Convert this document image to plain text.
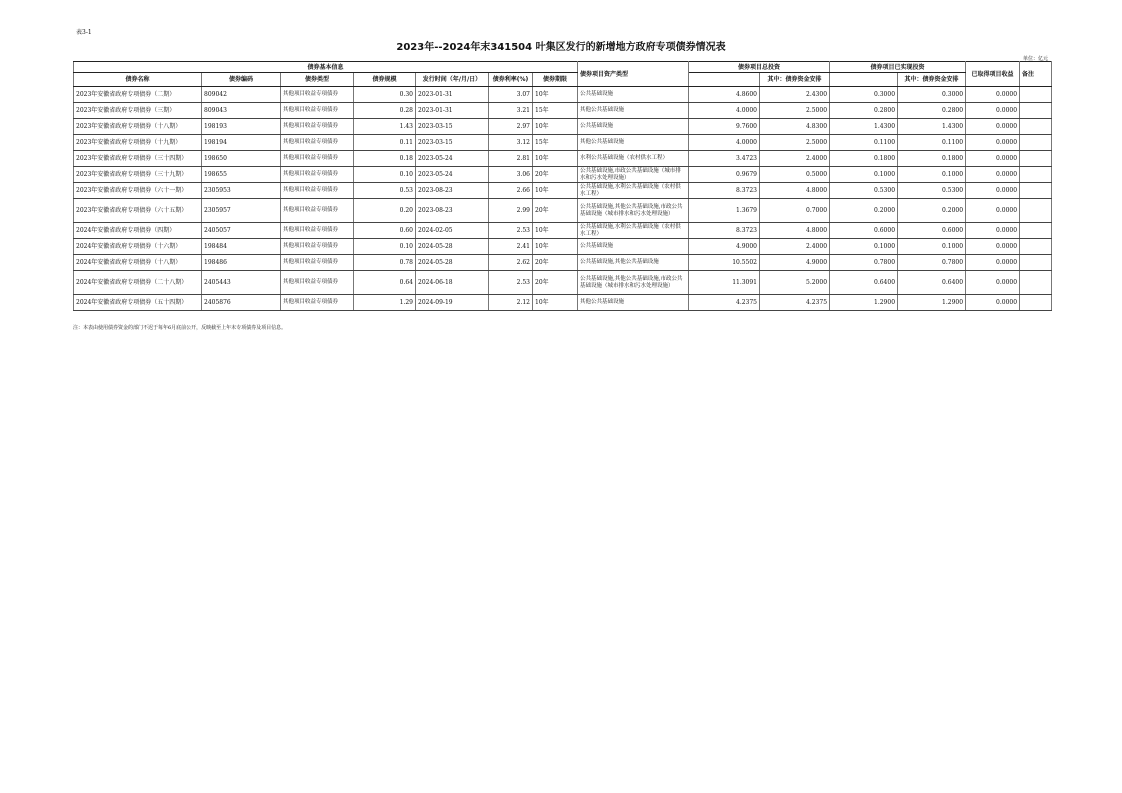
表3-1
2023年--2024年末341504 叶集区发行的新增地方政府专项债券情况表
单位：亿元
债券基本信息							债券项目资产类型	债券项目总投资		债券项目已实现投资		已取得项目收益	备注
债券名称	债券编码	债券类型	债券规模	发行时间（年/月/日）	债券利率(%)	债券期限			其中：债券资金安排		其中：债券资金安排		
2023年安徽省政府专项债券（二期）	809042	其他项目收益专项债券	0.30	2023-01-31	3.07	10年	公共基础设施	4.8600	2.4300	0.3000	0.3000	0.0000	
2023年安徽省政府专项债券（三期）	809043	其他项目收益专项债券	0.28	2023-01-31	3.21	15年	其他公共基础设施	4.0000	2.5000	0.2800	0.2800	0.0000	
2023年安徽省政府专项债券（十八期）	198193	其他项目收益专项债券	1.43	2023-03-15	2.97	10年	公共基础设施	9.7600	4.8300	1.4300	1.4300	0.0000	
2023年安徽省政府专项债券（十九期）	198194	其他项目收益专项债券	0.11	2023-03-15	3.12	15年	其他公共基础设施	4.0000	2.5000	0.1100	0.1100	0.0000	
2023年安徽省政府专项债券（三十四期）	198650	其他项目收益专项债券	0.18	2023-05-24	2.81	10年	水利公共基础设施（农村供水工程）	3.4723	2.4000	0.1800	0.1800	0.0000	
2023年安徽省政府专项债券（三十九期）	198655	其他项目收益专项债券	0.10	2023-05-24	3.06	20年	公共基础设施,市政公共基础设施（城市排水和污水处理设施）	0.9679	0.5000	0.1000	0.1000	0.0000	
2023年安徽省政府专项债券（六十一期）	2305953	其他项目收益专项债券	0.53	2023-08-23	2.66	10年	公共基础设施,水利公共基础设施（农村供水工程）	8.3723	4.8000	0.5300	0.5300	0.0000	
2023年安徽省政府专项债券（六十五期）	2305957	其他项目收益专项债券	0.20	2023-08-23	2.99	20年	公共基础设施,其他公共基础设施,市政公共基础设施（城市排水和污水处理设施）	1.3679	0.7000	0.2000	0.2000	0.0000	
2024年安徽省政府专项债券（四期）	2405057	其他项目收益专项债券	0.60	2024-02-05	2.53	10年	公共基础设施,水利公共基础设施（农村供水工程）	8.3723	4.8000	0.6000	0.6000	0.0000	
2024年安徽省政府专项债券（十六期）	198484	其他项目收益专项债券	0.10	2024-05-28	2.41	10年	公共基础设施	4.9000	2.4000	0.1000	0.1000	0.0000	
2024年安徽省政府专项债券（十八期）	198486	其他项目收益专项债券	0.78	2024-05-28	2.62	20年	公共基础设施,其他公共基础设施	10.5502	4.9000	0.7800	0.7800	0.0000	
2024年安徽省政府专项债券（二十八期）	2405443	其他项目收益专项债券	0.64	2024-06-18	2.53	20年	公共基础设施,其他公共基础设施,市政公共基础设施（城市排水和污水处理设施）	11.3091	5.2000	0.6400	0.6400	0.0000	
2024年安徽省政府专项债券（五十四期）	2405876	其他项目收益专项债券	1.29	2024-09-19	2.12	10年	其他公共基础设施	4.2375	4.2375	1.2900	1.2900	0.0000	
注：本表由使用债券资金的部门不迟于每年6月底前公开，反映截至上年末专项债券及项目信息。
